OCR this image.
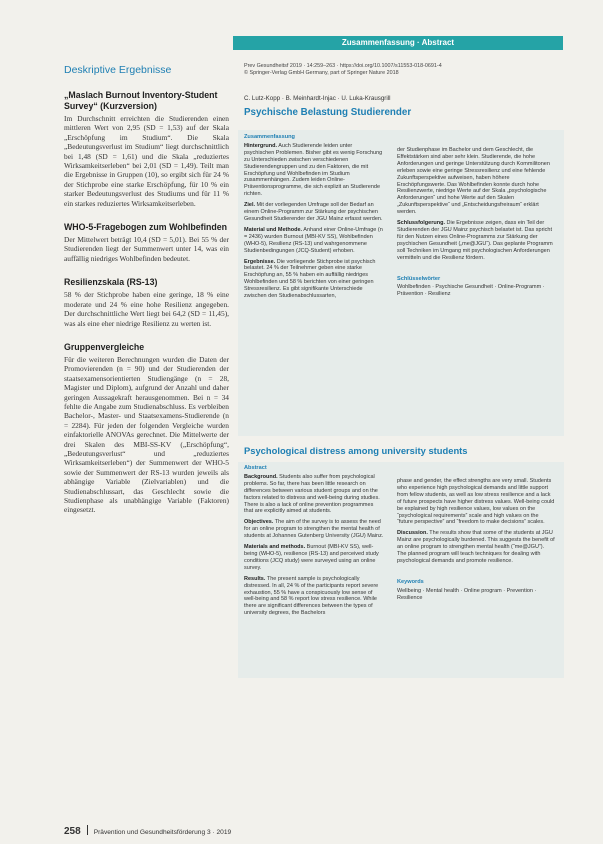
Deskriptive Ergebnisse
„Maslach Burnout Inventory-Student Survey“ (Kurzversion)

Im Durchschnitt erreichten die Studierenden einen mittleren Wert von 2,95 (SD = 1,53) auf der Skala „Erschöpfung im Studium“. Die Skala „Bedeutungsverlust im Studium“ liegt durchschnittlich bei 1,48 (SD = 1,61) und die Skala „reduziertes Wirksamkeitserleben“ bei 2,01 (SD = 1,49). Teilt man die Ergebnisse in Gruppen (10), so ergibt sich für 24 % der Stichprobe eine starke Erschöpfung, für 10 % ein starker Bedeutungsverlust des Studiums und für 11 % ein starkes reduziertes Wirksamkeitserleben.

WHO-5-Fragebogen zum Wohlbefinden

Der Mittelwert beträgt 10,4 (SD = 5,01). Bei 55 % der Studierenden liegt der Summenwert unter 14, was ein auffällig niedriges Wohlbefinden bedeutet.

Resilienzskala (RS-13)

58 % der Stichprobe haben eine geringe, 18 % eine moderate und 24 % eine hohe Resilienz angegeben. Der durchschnittliche Wert liegt bei 64,2 (SD = 11,45), was als eine eher niedrige Resilienz zu werten ist.

Gruppenvergleiche

Für die weiteren Berechnungen wurden die Daten der Promovierenden (n = 90) und der Studierenden der staatsexamensorientierten Studiengänge (n = 28, Magister und Diplom), aufgrund der Anzahl und daher geringen Aussagekraft herausgenommen. Bei n = 34 fehlte die Angabe zum Studienabschluss. Es verbleiben Bachelor-, Master- und Staatsexamens-Studierende (n = 2284). Für jeden der folgenden Vergleiche wurden einfaktorielle ANOVAs gerechnet. Die Mittelwerte der drei Skalen des MBI-SS-KV („Erschöpfung“, „Bedeutungsverlust“ und „reduziertes Wirksamkeitserleben“) der Summenwert der WHO-5 sowie der Summenwert der RS-13 wurden jeweils als abhängige Variable (Zielvariablen) und die Studienabschlussart, das Geschlecht sowie die Studienphase als unabhängige Variable (Faktoren) eingesetzt.

Zusammenfassung · Abstract
Prev Gesundheitsf 2019 · 14:259–263 · https://doi.org/10.1007/s11553-018-0691-4
© Springer-Verlag GmbH Germany, part of Springer Nature 2018
C. Lutz-Kopp · B. Meinhardt-Injac · U. Luka-Krausgrill
Psychische Belastung Studierender
Zusammenfassung

Hintergrund. Auch Studierende leiden unter psychischen Problemen. Bisher gibt es wenig Forschung zu Unterschieden zwischen verschiedenen Studierendengruppen und zu den Faktoren, die mit Erschöpfung und Wohlbefinden im Studium zusammenhängen. Zudem leiden Online-Präventionsprogramme, die sich explizit an Studierende richten.

Ziel. Mit der vorliegenden Umfrage soll der Bedarf an einem Online-Programm zur Stärkung der psychischen Gesundheit Studierender der JGU Mainz erfasst werden.

Material und Methode. Anhand einer Online-Umfrage (n = 2436) wurden Burnout (MBI-KV SS), Wohlbefinden (WHO-5), Resilienz (RS-13) und wahrgenommene Studienbedingungen (JCQ-Student) erhoben.

Ergebnisse. Die vorliegende Stichprobe ist psychisch belastet. 24 % der Teilnehmer geben eine starke Erschöpfung an, 55 % haben ein auffällig niedriges Wohlbefinden und 58 % berichten von einer geringen Stressresilienz. Es gibt signifikante Unterschiede zwischen den Studienabschlussarten,

der Studienphase im Bachelor und dem Geschlecht, die Effektstärken sind aber sehr klein. Studierende, die hohe Anforderungen und geringe Unterstützung durch Kommilitonen erleben sowie eine geringe Stressresilienz und eine fehlende Zukunftsperspektive aufweisen, haben höhere Erschöpfungswerte. Das Wohlbefinden konnte durch hohe Resilienzwerte, niedrige Werte auf der Skala „psychologische Anforderungen“ und hohe Werte auf den Skalen „Zukunftsperspektive“ und „Entscheidungsfreiraum“ erklärt werden.

Schlussfolgerung. Die Ergebnisse zeigen, dass ein Teil der Studierenden der JGU Mainz psychisch belastet ist. Das spricht für den Nutzen eines Online-Programms zur Stärkung der psychischen Gesundheit („me@JGU“). Das geplante Programm soll Techniken im Umgang mit psychologischen Anforderungen vermitteln und die Resilienz fördern.

Schlüsselwörter
Wohlbefinden · Psychische Gesundheit · Online-Programm · Prävention · Resilienz
Psychological distress among university students
Abstract

Background. Students also suffer from psychological problems. So far, there has been little research on differences between various student groups and on the factors related to distress and well-being during studies. There is also a lack of online prevention programmes that are explicitly aimed at students.

Objectives. The aim of the survey is to assess the need for an online program to strengthen the mental health of students at Johannes Gutenberg University (JGU) Mainz.

Materials and methods. Burnout (MBI-KV SS), well-being (WHO-5), resilience (RS-13) and perceived study conditions (JCQ study) were surveyed using an online survey.

Results. The present sample is psychologically distressed. In all, 24 % of the participants report severe exhaustion, 55 % have a conspicuously low sense of well-being and 58 % report low stress resilience. While there are significant differences between the types of university degrees, the Bachelors

phase and gender, the effect strengths are very small. Students who experience high psychological demands and little support from fellow students, as well as low stress resilience and a lack of future prospects have higher distress values. Well-being could be explained by high resilience values, low values on the “psychological requirements” scale and high values on the “future perspective” and “freedom to make decisions” scales.

Discussion. The results show that some of the students at JGU Mainz are psychologically burdened. This suggests the benefit of an online program to strengthen mental health (“me@JGU”). The planned program will teach techniques for dealing with psychological demands and promote resilience.

Keywords
Wellbeing · Mental health · Online program · Prevention · Resilience
258 Prävention und Gesundheitsförderung 3 · 2019
